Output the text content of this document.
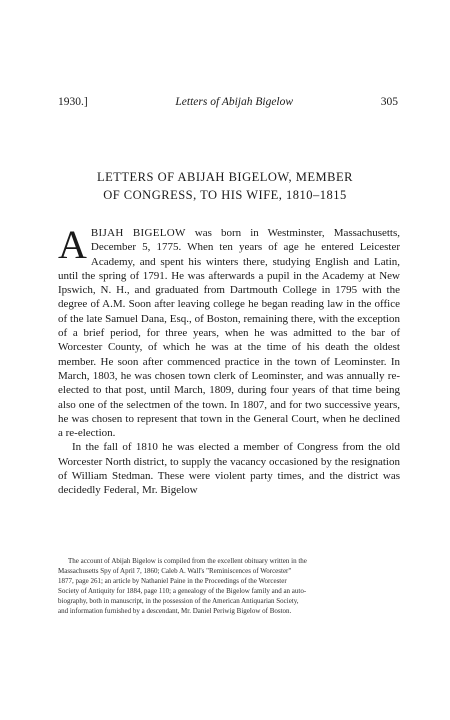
1930.]	Letters of Abijah Bigelow	305
LETTERS OF ABIJAH BIGELOW, MEMBER
OF CONGRESS, TO HIS WIFE, 1810–1815

ABIJAH BIGELOW was born in Westminster, Massachusetts, December 5, 1775. When ten years of age he entered Leicester Academy, and spent his winters there, studying English and Latin, until the spring of 1791. He was afterwards a pupil in the Academy at New Ipswich, N. H., and graduated from Dartmouth College in 1795 with the degree of A.M. Soon after leaving college he began reading law in the office of the late Samuel Dana, Esq., of Boston, remaining there, with the exception of a brief period, for three years, when he was admitted to the bar of Worcester County, of which he was at the time of his death the oldest member. He soon after commenced practice in the town of Leominster. In March, 1803, he was chosen town clerk of Leominster, and was annually re-elected to that post, until March, 1809, during four years of that time being also one of the selectmen of the town. In 1807, and for two successive years, he was chosen to represent that town in the General Court, when he declined a re-election.

In the fall of 1810 he was elected a member of Congress from the old Worcester North district, to supply the vacancy occasioned by the resignation of William Stedman. These were violent party times, and the district was decidedly Federal, Mr. Bigelow

The account of Abijah Bigelow is compiled from the excellent obituary written in the
Massachusetts Spy of April 7, 1860; Caleb A. Wall's "Reminiscences of Worcester"
1877, page 261; an article by Nathaniel Paine in the Proceedings of the Worcester
Society of Antiquity for 1884, page 110; a genealogy of the Bigelow family and an auto-
biography, both in manuscript, in the possession of the American Antiquarian Society,
and information furnished by a descendant, Mr. Daniel Periwig Bigelow of Boston.
